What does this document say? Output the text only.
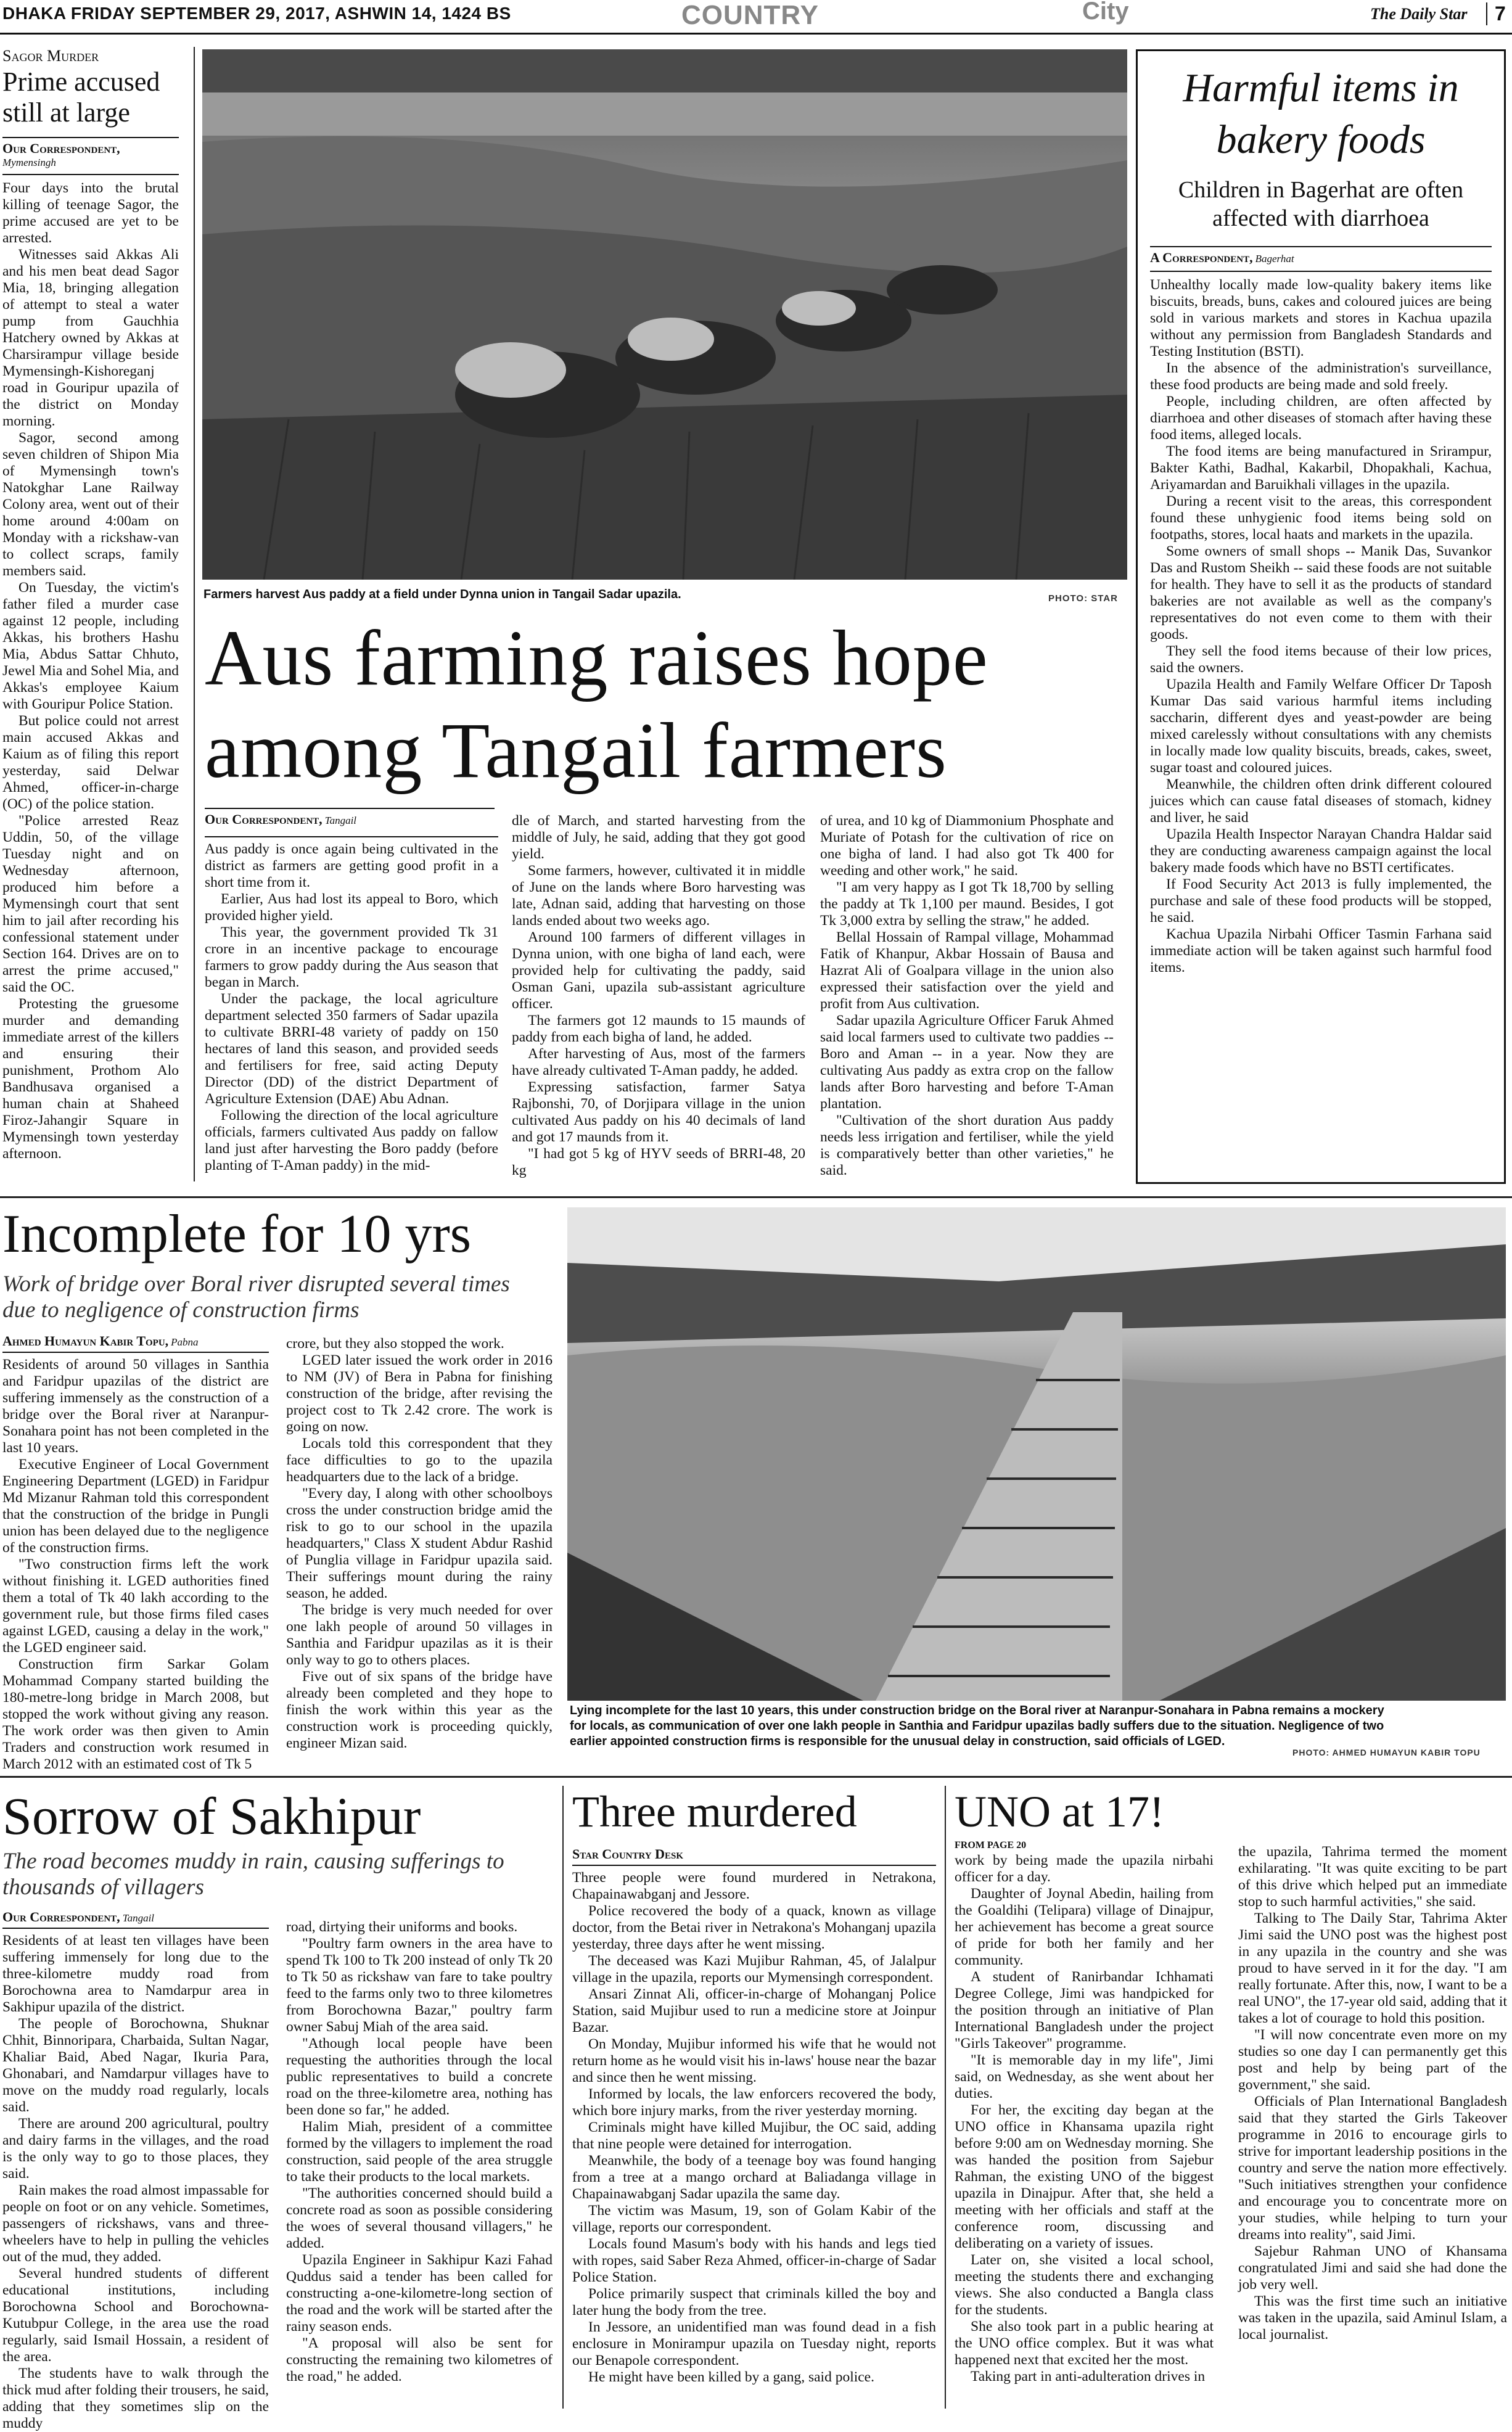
DHAKA FRIDAY SEPTEMBER 29, 2017, ASHWIN 14, 1424 BS	COUNTRY	City	The Daily Star	7
Sagor Murder
Prime accused still at large
Our Correspondent,
Mymensingh

Four days into the brutal killing of teenage Sagor, the prime accused are yet to be arrested.

Witnesses said Akkas Ali and his men beat dead Sagor Mia, 18, bringing allegation of attempt to steal a water pump from Gauchhia Hatchery owned by Akkas at Charsirampur village beside Mymensingh-Kishoreganj road in Gouripur upazila of the district on Monday morning.

Sagor, second among seven children of Shipon Mia of Mymensingh town's Natokghar Lane Railway Colony area, went out of their home around 4:00am on Monday with a rickshaw-van to collect scraps, family members said.

On Tuesday, the victim's father filed a murder case against 12 people, including Akkas, his brothers Hashu Mia, Abdus Sattar Chhuto, Jewel Mia and Sohel Mia, and Akkas's employee Kaium with Gouripur Police Station.

But police could not arrest main accused Akkas and Kaium as of filing this report yesterday, said Delwar Ahmed, officer-in-charge (OC) of the police station.

"Police arrested Reaz Uddin, 50, of the village Tuesday night and on Wednesday afternoon, produced him before a Mymensingh court that sent him to jail after recording his confessional statement under Section 164. Drives are on to arrest the prime accused," said the OC.

Protesting the gruesome murder and demanding immediate arrest of the killers and ensuring their punishment, Prothom Alo Bandhusava organised a human chain at Shaheed Firoz-Jahangir Square in Mymensingh town yesterday afternoon.

Farmers harvest Aus paddy at a field under Dynna union in Tangail Sadar upazila.	PHOTO: STAR
Aus farming raises hope among Tangail farmers
Our Correspondent, Tangail

Aus paddy is once again being cultivated in the district as farmers are getting good profit in a short time from it.

Earlier, Aus had lost its appeal to Boro, which provided higher yield.

This year, the government provided Tk 31 crore in an incentive package to encourage farmers to grow paddy during the Aus season that began in March.

Under the package, the local agriculture department selected 350 farmers of Sadar upazila to cultivate BRRI-48 variety of paddy on 150 hectares of land this season, and provided seeds and fertilisers for free, said acting Deputy Director (DD) of the district Department of Agriculture Extension (DAE) Abu Adnan.

Following the direction of the local agriculture officials, farmers cultivated Aus paddy on fallow land just after harvesting the Boro paddy (before planting of T-Aman paddy) in the mid-

dle of March, and started harvesting from the middle of July, he said, adding that they got good yield.

Some farmers, however, cultivated it in middle of June on the lands where Boro harvesting was late, Adnan said, adding that harvesting on those lands ended about two weeks ago.

Around 100 farmers of different villages in Dynna union, with one bigha of land each, were provided help for cultivating the paddy, said Osman Gani, upazila sub-assistant agriculture officer.

The farmers got 12 maunds to 15 maunds of paddy from each bigha of land, he added.

After harvesting of Aus, most of the farmers have already cultivated T-Aman paddy, he added.

Expressing satisfaction, farmer Satya Rajbonshi, 70, of Dorjipara village in the union cultivated Aus paddy on his 40 decimals of land and got 17 maunds from it.

"I had got 5 kg of HYV seeds of BRRI-48, 20 kg

of urea, and 10 kg of Diammonium Phosphate and Muriate of Potash for the cultivation of rice on one bigha of land. I had also got Tk 400 for weeding and other work," he said.

"I am very happy as I got Tk 18,700 by selling the paddy at Tk 1,100 per maund. Besides, I got Tk 3,000 extra by selling the straw," he added.

Bellal Hossain of Rampal village, Mohammad Fatik of Khanpur, Akbar Hossain of Bausa and Hazrat Ali of Goalpara village in the union also expressed their satisfaction over the yield and profit from Aus cultivation.

Sadar upazila Agriculture Officer Faruk Ahmed said local farmers used to cultivate two paddies -- Boro and Aman -- in a year. Now they are cultivating Aus paddy as extra crop on the fallow lands after Boro harvesting and before T-Aman plantation.

"Cultivation of the short duration Aus paddy needs less irrigation and fertiliser, while the yield is comparatively better than other varieties," he said.

Harmful items in bakery foods
Children in Bagerhat are often affected with diarrhoea
A Correspondent, Bagerhat

Unhealthy locally made low-quality bakery items like biscuits, breads, buns, cakes and coloured juices are being sold in various markets and stores in Kachua upazila without any permission from Bangladesh Standards and Testing Institution (BSTI).

In the absence of the administration's surveillance, these food products are being made and sold freely.

People, including children, are often affected by diarrhoea and other diseases of stomach after having these food items, alleged locals.

The food items are being manufactured in Srirampur, Bakter Kathi, Badhal, Kakarbil, Dhopakhali, Kachua, Ariyamardan and Baruikhali villages in the upazila.

During a recent visit to the areas, this correspondent found these unhygienic food items being sold on footpaths, stores, local haats and markets in the upazila.

Some owners of small shops -- Manik Das, Suvankor Das and Rustom Sheikh -- said these foods are not suitable for health. They have to sell it as the products of standard bakeries are not available as well as the company's representatives do not even come to them with their goods.

They sell the food items because of their low prices, said the owners.

Upazila Health and Family Welfare Officer Dr Taposh Kumar Das said various harmful items including saccharin, different dyes and yeast-powder are being mixed carelessly without consultations with any chemists in locally made low quality biscuits, breads, cakes, sweet, sugar toast and coloured juices.

Meanwhile, the children often drink different coloured juices which can cause fatal diseases of stomach, kidney and liver, he said

Upazila Health Inspector Narayan Chandra Haldar said they are conducting awareness campaign against the local bakery made foods which have no BSTI certificates.

If Food Security Act 2013 is fully implemented, the purchase and sale of these food products will be stopped, he said.

Kachua Upazila Nirbahi Officer Tasmin Farhana said immediate action will be taken against such harmful food items.

Incomplete for 10 yrs
Work of bridge over Boral river disrupted several times due to negligence of construction firms
Ahmed Humayun Kabir Topu, Pabna

Residents of around 50 villages in Santhia and Faridpur upazilas of the district are suffering immensely as the construction of a bridge over the Boral river at Naranpur-Sonahara point has not been completed in the last 10 years.

Executive Engineer of Local Government Engineering Department (LGED) in Faridpur Md Mizanur Rahman told this correspondent that the construction of the bridge in Pungli union has been delayed due to the negligence of the construction firms.

"Two construction firms left the work without finishing it. LGED authorities fined them a total of Tk 40 lakh according to the government rule, but those firms filed cases against LGED, causing a delay in the work," the LGED engineer said.

Construction firm Sarkar Golam Mohammad Company started building the 180-metre-long bridge in March 2008, but stopped the work without giving any reason. The work order was then given to Amin Traders and construction work resumed in March 2012 with an estimated cost of Tk 5

crore, but they also stopped the work.

LGED later issued the work order in 2016 to NM (JV) of Bera in Pabna for finishing construction of the bridge, after revising the project cost to Tk 2.42 crore. The work is going on now.

Locals told this correspondent that they face difficulties to go to the upazila headquarters due to the lack of a bridge.

"Every day, I along with other schoolboys cross the under construction bridge amid the risk to go to our school in the upazila headquarters," Class X student Abdur Rashid of Punglia village in Faridpur upazila said. Their sufferings mount during the rainy season, he added.

The bridge is very much needed for over one lakh people of around 50 villages in Santhia and Faridpur upazilas as it is their only way to go to others places.

Five out of six spans of the bridge have already been completed and they hope to finish the work within this year as the construction work is proceeding quickly, engineer Mizan said.

Lying incomplete for the last 10 years, this under construction bridge on the Boral river at Naranpur-Sonahara in Pabna remains a mockery for locals, as communication of over one lakh people in Santhia and Faridpur upazilas badly suffers due to the situation. Negligence of two earlier appointed construction firms is responsible for the unusual delay in construction, said officials of LGED.
PHOTO: AHMED HUMAYUN KABIR TOPU
Sorrow of Sakhipur
The road becomes muddy in rain, causing sufferings to thousands of villagers
Our Correspondent, Tangail

Residents of at least ten villages have been suffering immensely for long due to the three-kilometre muddy road from Borochowna area to Namdarpur area in Sakhipur upazila of the district.

The people of Borochowna, Shuknar Chhit, Binnoripara, Charbaida, Sultan Nagar, Khaliar Baid, Abed Nagar, Ikuria Para, Ghonabari, and Namdarpur villages have to move on the muddy road regularly, locals said.

There are around 200 agricultural, poultry and dairy farms in the villages, and the road is the only way to go to those places, they said.

Rain makes the road almost impassable for people on foot or on any vehicle. Sometimes, passengers of rickshaws, vans and three-wheelers have to help in pulling the vehicles out of the mud, they added.

Several hundred students of different educational institutions, including Borochowna School and Borochowna-Kutubpur College, in the area use the road regularly, said Ismail Hossain, a resident of the area.

The students have to walk through the thick mud after folding their trousers, he said, adding that they sometimes slip on the muddy

road, dirtying their uniforms and books.

"Poultry farm owners in the area have to spend Tk 100 to Tk 200 instead of only Tk 20 to Tk 50 as rickshaw van fare to take poultry feed to the farms only two to three kilometres from Borochowna Bazar," poultry farm owner Sabuj Miah of the area said.

"Athough local people have been requesting the authorities through the local public representatives to build a concrete road on the three-kilometre area, nothing has been done so far," he added.

Halim Miah, president of a committee formed by the villagers to implement the road construction, said people of the area struggle to take their products to the local markets.

"The authorities concerned should build a concrete road as soon as possible considering the woes of several thousand villagers," he added.

Upazila Engineer in Sakhipur Kazi Fahad Quddus said a tender has been called for constructing a-one-kilometre-long section of the road and the work will be started after the rainy season ends.

"A proposal will also be sent for constructing the remaining two kilometres of the road," he added.

Three murdered
Star Country Desk

Three people were found murdered in Netrakona, Chapainawabganj and Jessore.

Police recovered the body of a quack, known as village doctor, from the Betai river in Netrakona's Mohanganj upazila yesterday, three days after he went missing.

The deceased was Kazi Mujibur Rahman, 45, of Jalalpur village in the upazila, reports our Mymensingh correspondent.

Ansari Zinnat Ali, officer-in-charge of Mohanganj Police Station, said Mujibur used to run a medicine store at Joinpur Bazar.

On Monday, Mujibur informed his wife that he would not return home as he would visit his in-laws' house near the bazar and since then he went missing.

Informed by locals, the law enforcers recovered the body, which bore injury marks, from the river yesterday morning.

Criminals might have killed Mujibur, the OC said, adding that nine people were detained for interrogation.

Meanwhile, the body of a teenage boy was found hanging from a tree at a mango orchard at Baliadanga village in Chapainawabganj Sadar upazila the same day.

The victim was Masum, 19, son of Golam Kabir of the village, reports our correspondent.

Locals found Masum's body with his hands and legs tied with ropes, said Saber Reza Ahmed, officer-in-charge of Sadar Police Station.

Police primarily suspect that criminals killed the boy and later hung the body from the tree.

In Jessore, an unidentified man was found dead in a fish enclosure in Monirampur upazila on Tuesday night, reports our Benapole correspondent.

He might have been killed by a gang, said police.

UNO at 17!
FROM PAGE 20

work by being made the upazila nirbahi officer for a day.

Daughter of Joynal Abedin, hailing from the Goaldihi (Telipara) village of Dinajpur, her achievement has become a great source of pride for both her family and her community.

A student of Ranirbandar Ichhamati Degree College, Jimi was handpicked for the position through an initiative of Plan International Bangladesh under the project "Girls Takeover" programme.

"It is memorable day in my life", Jimi said, on Wednesday, as she went about her duties.

For her, the exciting day began at the UNO office in Khansama upazila right before 9:00 am on Wednesday morning. She was handed the position from Sajebur Rahman, the existing UNO of the biggest upazila in Dinajpur. After that, she held a meeting with her officials and staff at the conference room, discussing and deliberating on a variety of issues.

Later on, she visited a local school, meeting the students there and exchanging views. She also conducted a Bangla class for the students.

She also took part in a public hearing at the UNO office complex. But it was what happened next that excited her the most.

Taking part in anti-adulteration drives in

the upazila, Tahrima termed the moment exhilarating. "It was quite exciting to be part of this drive which helped put an immediate stop to such harmful activities," she said.

Talking to The Daily Star, Tahrima Akter Jimi said the UNO post was the highest post in any upazila in the country and she was proud to have served in it for the day. "I am really fortunate. After this, now, I want to be a real UNO", the 17-year old said, adding that it takes a lot of courage to hold this position.

"I will now concentrate even more on my studies so one day I can permanently get this post and help by being part of the government," she said.

Officials of Plan International Bangladesh said that they started the Girls Takeover programme in 2016 to encourage girls to strive for important leadership positions in the country and serve the nation more effectively. "Such initiatives strengthen your confidence and encourage you to concentrate more on your studies, while helping to turn your dreams into reality", said Jimi.

Sajebur Rahman UNO of Khansama congratulated Jimi and said she had done the job very well.

This was the first time such an initiative was taken in the upazila, said Aminul Islam, a local journalist.
